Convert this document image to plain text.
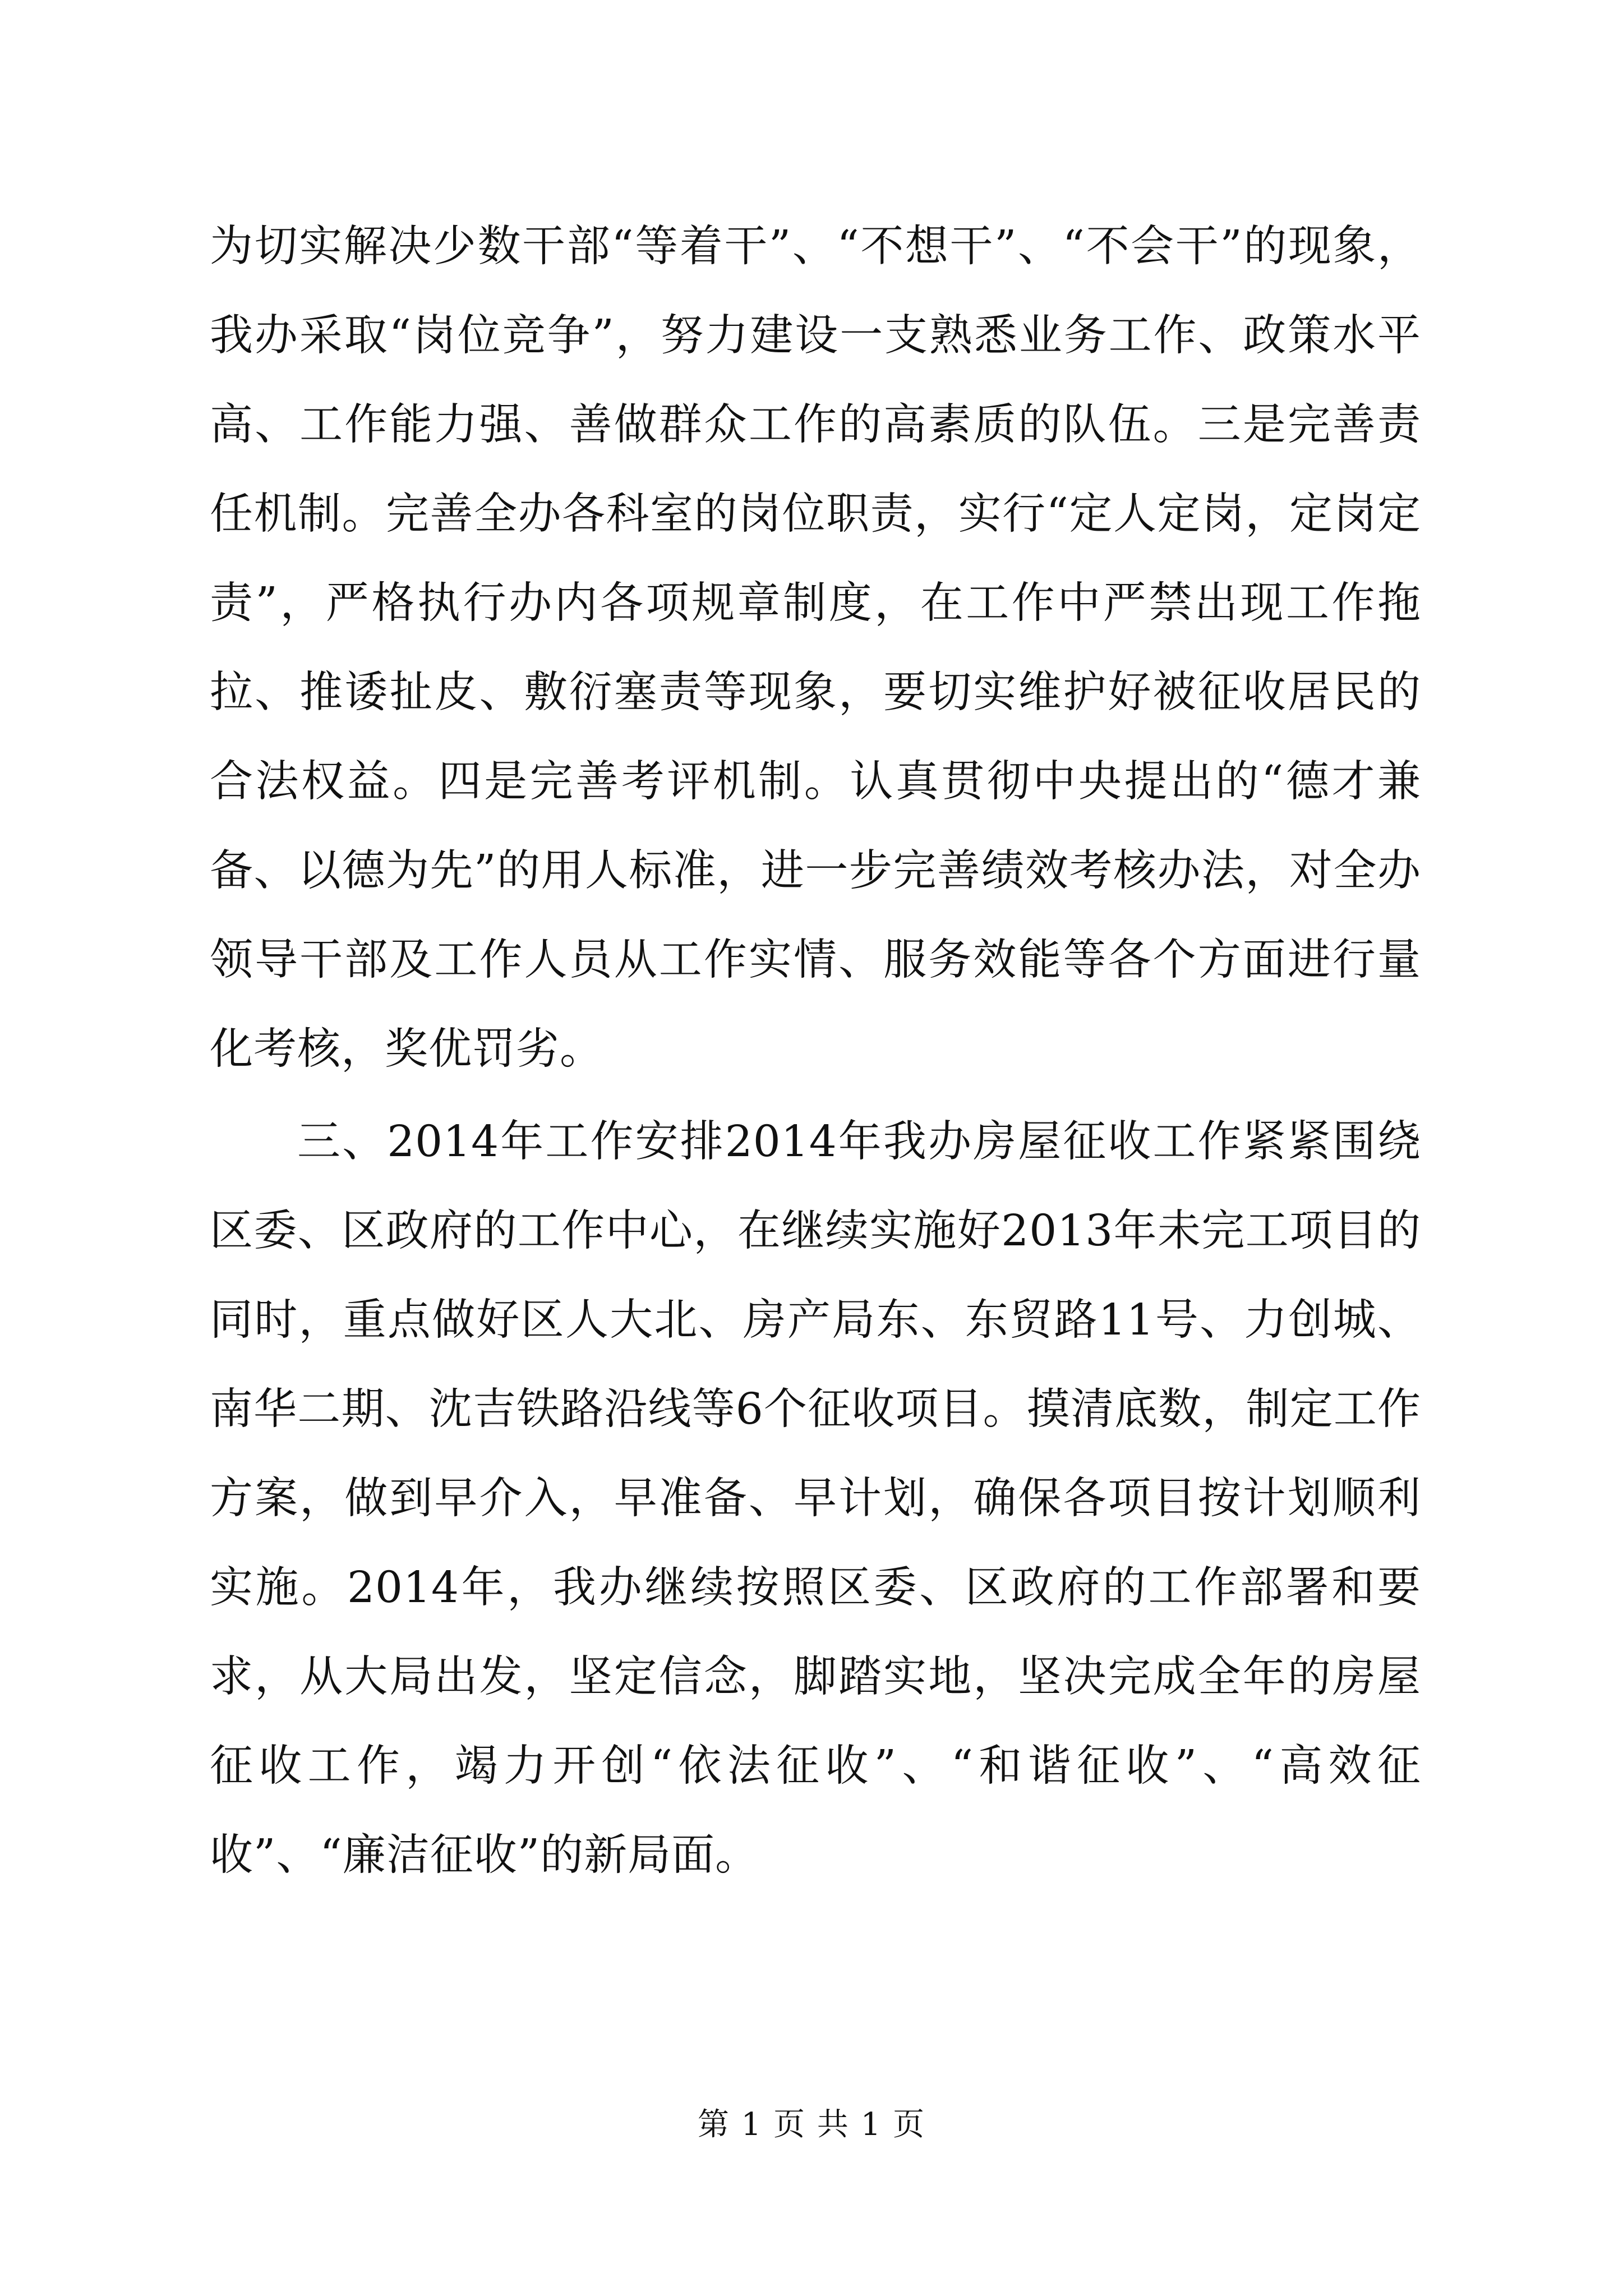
为切实解决少数干部“等着干”、“不想干”、“不会干”的现象，我办采取“岗位竞争”，努力建设一支熟悉业务工作、政策水平高、工作能力强、善做群众工作的高素质的队伍。三是完善责任机制。完善全办各科室的岗位职责，实行“定人定岗，定岗定责”，严格执行办内各项规章制度，在工作中严禁出现工作拖拉、推诿扯皮、敷衍塞责等现象，要切实维护好被征收居民的合法权益。四是完善考评机制。认真贯彻中央提出的“德才兼备、以德为先”的用人标准，进一步完善绩效考核办法，对全办领导干部及工作人员从工作实情、服务效能等各个方面进行量化考核，奖优罚劣。

三、2014年工作安排2014年我办房屋征收工作紧紧围绕区委、区政府的工作中心，在继续实施好2013年未完工项目的同时，重点做好区人大北、房产局东、东贸路11号、力创城、南华二期、沈吉铁路沿线等6个征收项目。摸清底数，制定工作方案，做到早介入，早准备、早计划，确保各项目按计划顺利实施。2014年，我办继续按照区委、区政府的工作部署和要求，从大局出发，坚定信念，脚踏实地，坚决完成全年的房屋征收工作，竭力开创“依法征收”、“和谐征收”、“高效征收”、“廉洁征收”的新局面。

第 1 页 共 1 页
